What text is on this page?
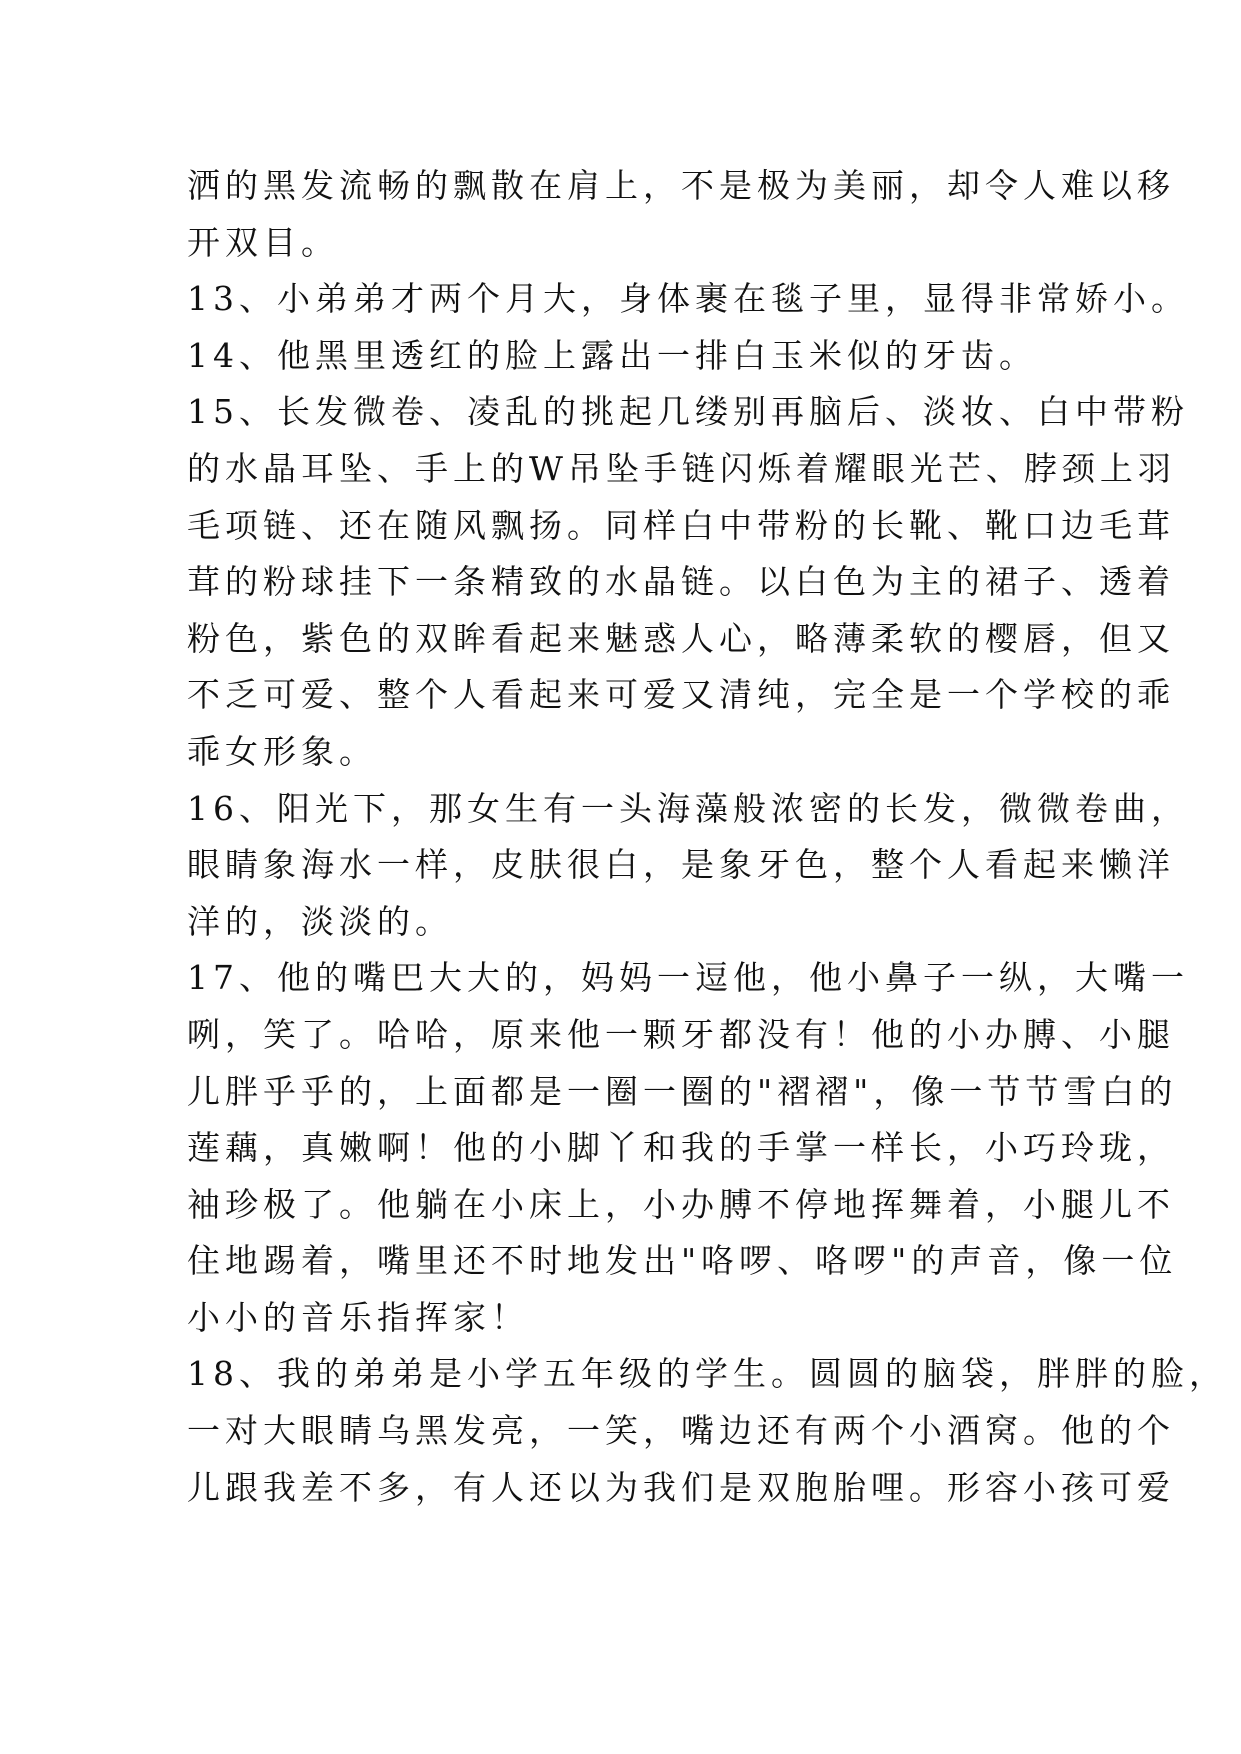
洒的黑发流畅的飘散在肩上，不是极为美丽，却令人难以移
开双目。
13、小弟弟才两个月大，身体裹在毯子里，显得非常娇小。
14、他黑里透红的脸上露出一排白玉米似的牙齿。
15、长发微卷、凌乱的挑起几缕别再脑后、淡妆、白中带粉
的水晶耳坠、手上的W吊坠手链闪烁着耀眼光芒、脖颈上羽
毛项链、还在随风飘扬。同样白中带粉的长靴、靴口边毛茸
茸的粉球挂下一条精致的水晶链。以白色为主的裙子、透着
粉色，紫色的双眸看起来魅惑人心，略薄柔软的樱唇，但又
不乏可爱、整个人看起来可爱又清纯，完全是一个学校的乖
乖女形象。
16、阳光下，那女生有一头海藻般浓密的长发，微微卷曲，
眼睛象海水一样，皮肤很白，是象牙色，整个人看起来懒洋
洋的，淡淡的。
17、他的嘴巴大大的，妈妈一逗他，他小鼻子一纵，大嘴一
咧，笑了。哈哈，原来他一颗牙都没有！他的小办膊、小腿
儿胖乎乎的，上面都是一圈一圈的"褶褶"，像一节节雪白的
莲藕，真嫩啊！他的小脚丫和我的手掌一样长，小巧玲珑，
袖珍极了。他躺在小床上，小办膊不停地挥舞着，小腿儿不
住地踢着，嘴里还不时地发出"咯啰、咯啰"的声音，像一位
小小的音乐指挥家！
18、我的弟弟是小学五年级的学生。圆圆的脑袋，胖胖的脸，
一对大眼睛乌黑发亮，一笑，嘴边还有两个小酒窝。他的个
儿跟我差不多，有人还以为我们是双胞胎哩。形容小孩可爱
